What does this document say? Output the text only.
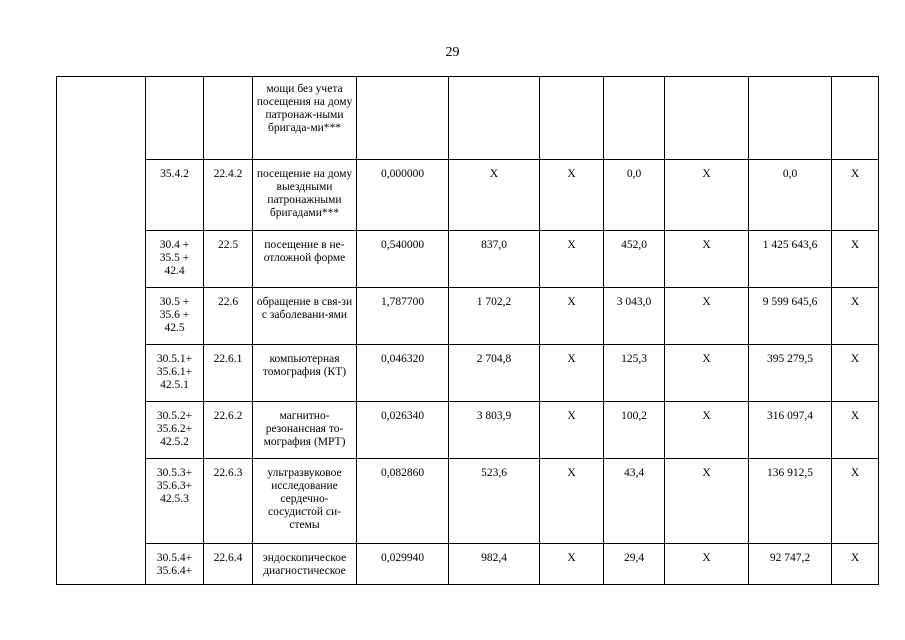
29
			мощи без учета посещения на дому патронаж-ными бригада-ми***							
	35.4.2	22.4.2	посещение на дому выездными патронажными бригадами***	0,000000	X	X	0,0	X	0,0	X
	30.4 + 35.5 + 42.4	22.5	посещение в не-отложной форме	0,540000	837,0	X	452,0	X	1 425 643,6	X
	30.5 + 35.6 + 42.5	22.6	обращение в свя-зи с заболевани-ями	1,787700	1 702,2	X	3 043,0	X	9 599 645,6	X
	30.5.1+ 35.6.1+ 42.5.1	22.6.1	компьютерная томография (КТ)	0,046320	2 704,8	X	125,3	X	395 279,5	X
	30.5.2+ 35.6.2+ 42.5.2	22.6.2	магнитно-резонансная то-мография (МРТ)	0,026340	3 803,9	X	100,2	X	316 097,4	X
	30.5.3+ 35.6.3+ 42.5.3	22.6.3	ультразвуковое исследование сердечно-сосудистой си-стемы	0,082860	523,6	X	43,4	X	136 912,5	X
	30.5.4+ 35.6.4+	22.6.4	эндоскопическое диагностическое	0,029940	982,4	X	29,4	X	92 747,2	X
